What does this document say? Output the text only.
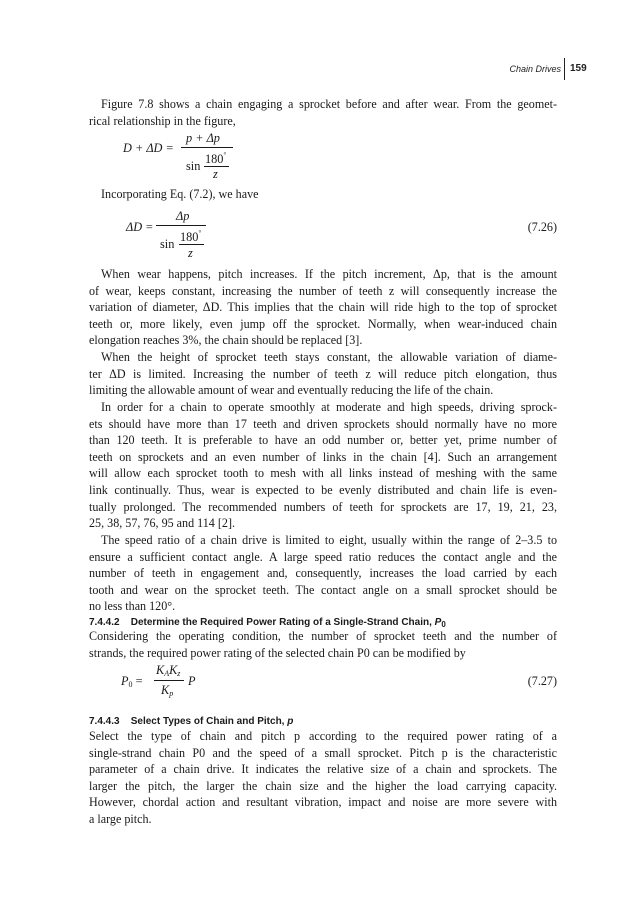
Chain Drives 159

Figure 7.8 shows a chain engaging a sprocket before and after wear. From the geomet-
rical relationship in the figure,

D + ΔD =
p + Δp
sin 180°
z

Incorporating Eq. (7.2), we have

ΔD =
Δp
sin 180°
z
(7.26)

When wear happens, pitch increases. If the pitch increment, Δp, that is the amount
of wear, keeps constant, increasing the number of teeth z will consequently increase the
variation of diameter, ΔD. This implies that the chain will ride high to the top of sprocket
teeth or, more likely, even jump off the sprocket. Normally, when wear-induced chain
elongation reaches 3%, the chain should be replaced [3].

When the height of sprocket teeth stays constant, the allowable variation of diame-
ter ΔD is limited. Increasing the number of teeth z will reduce pitch elongation, thus
limiting the allowable amount of wear and eventually reducing the life of the chain.

In order for a chain to operate smoothly at moderate and high speeds, driving sprock-
ets should have more than 17 teeth and driven sprockets should normally have no more
than 120 teeth. It is preferable to have an odd number or, better yet, prime number of
teeth on sprockets and an even number of links in the chain [4]. Such an arrangement
will allow each sprocket tooth to mesh with all links instead of meshing with the same
link continually. Thus, wear is expected to be evenly distributed and chain life is even-
tually prolonged. The recommended numbers of teeth for sprockets are 17, 19, 21, 23,
25, 38, 57, 76, 95 and 114 [2].

The speed ratio of a chain drive is limited to eight, usually within the range of 2–3.5 to
ensure a sufficient contact angle. A large speed ratio reduces the contact angle and the
number of teeth in engagement and, consequently, increases the load carried by each
tooth and wear on the sprocket teeth. The contact angle on a small sprocket should be
no less than 120°.

7.4.4.2 Determine the Required Power Rating of a Single-Strand Chain, $P_0$

Considering the operating condition, the number of sprocket teeth and the number of
strands, the required power rating of the selected chain P0 can be modified by

$P_0$ =
$K_AK_z$
$K_p$
P	(7.27)

7.4.4.3 Select Types of Chain and Pitch, p

Select the type of chain and pitch p according to the required power rating of a
single-strand chain P0 and the speed of a small sprocket. Pitch p is the characteristic
parameter of a chain drive. It indicates the relative size of a chain and sprockets. The
larger the pitch, the larger the chain size and the higher the load carrying capacity.
However, chordal action and resultant vibration, impact and noise are more severe with
a large pitch.
